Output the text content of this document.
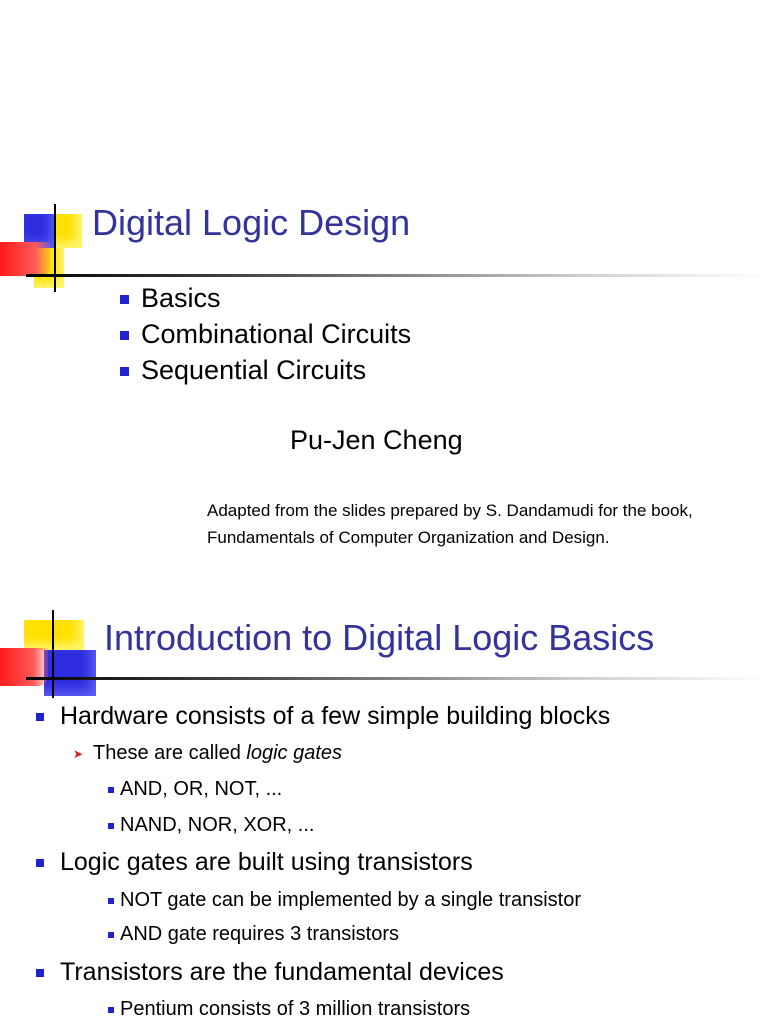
Digital Logic Design
Basics
Combinational Circuits
Sequential Circuits
Pu-Jen Cheng
Adapted from the slides prepared by S. Dandamudi for the book,
Fundamentals of Computer Organization and Design.
Introduction to Digital Logic Basics
Hardware consists of a few simple building blocks
➤ These are called logic gates
AND, OR, NOT, ...
NAND, NOR, XOR, ...
Logic gates are built using transistors
NOT gate can be implemented by a single transistor
AND gate requires 3 transistors
Transistors are the fundamental devices
Pentium consists of 3 million transistors
